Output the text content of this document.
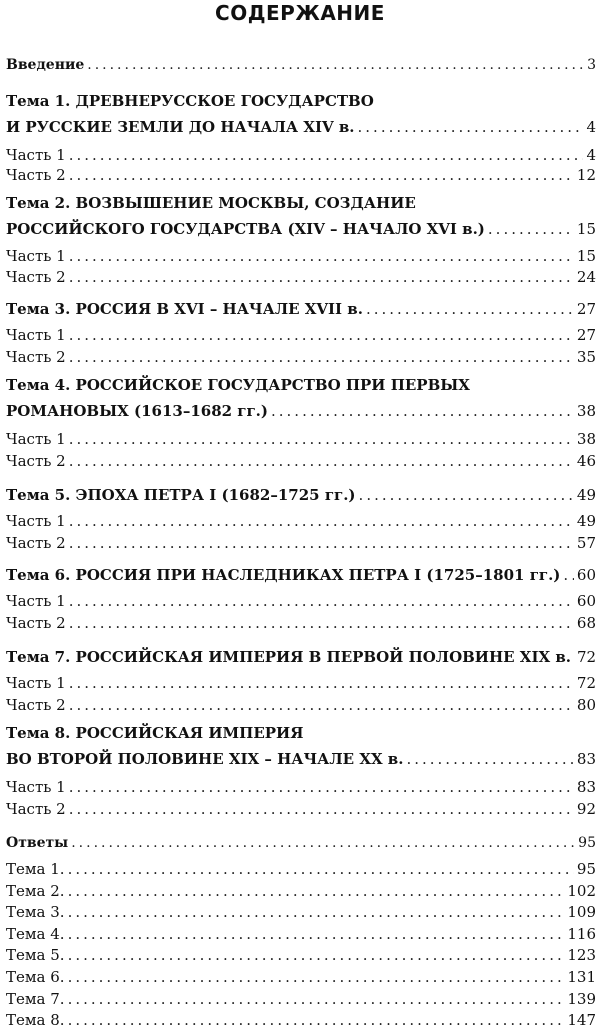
СОДЕРЖАНИЕ
Введение .....	3
Тема 1. ДРЕВНЕРУССКОЕ ГОСУДАРСТВО
И РУССКИЕ ЗЕМЛИ ДО НАЧАЛА XIV в. .....	4
Часть 1 .....	4
Часть 2 .....	12
Тема 2. ВОЗВЫШЕНИЕ МОСКВЫ, СОЗДАНИЕ
РОССИЙСКОГО ГОСУДАРСТВА (XIV – НАЧАЛО XVI в.) .....	15
Часть 1 .....	15
Часть 2 .....	24
Тема 3. РОССИЯ В XVI – НАЧАЛЕ XVII в. .....	27
Часть 1 .....	27
Часть 2 .....	35
Тема 4. РОССИЙСКОЕ ГОСУДАРСТВО ПРИ ПЕРВЫХ
РОМАНОВЫХ (1613–1682 гг.) .....	38
Часть 1 .....	38
Часть 2 .....	46
Тема 5. ЭПОХА ПЕТРА I (1682–1725 гг.) .....	49
Часть 1 .....	49
Часть 2 .....	57
Тема 6. РОССИЯ ПРИ НАСЛЕДНИКАХ ПЕТРА I (1725–1801 гг.) ..... 60
Часть 1 .....	60
Часть 2 .....	68
Тема 7. РОССИЙСКАЯ ИМПЕРИЯ В ПЕРВОЙ ПОЛОВИНЕ XIX в. 72
Часть 1 .....	72
Часть 2 .....	80
Тема 8. РОССИЙСКАЯ ИМПЕРИЯ
ВО ВТОРОЙ ПОЛОВИНЕ XIX – НАЧАЛЕ XX в. .....	83
Часть 1 .....	83
Часть 2 .....	92
Ответы .....	95
Тема 1. .....	95
Тема 2. .....	102
Тема 3. .....	109
Тема 4. .....	116
Тема 5. .....	123
Тема 6. .....	131
Тема 7. .....	139
Тема 8. .....	147
